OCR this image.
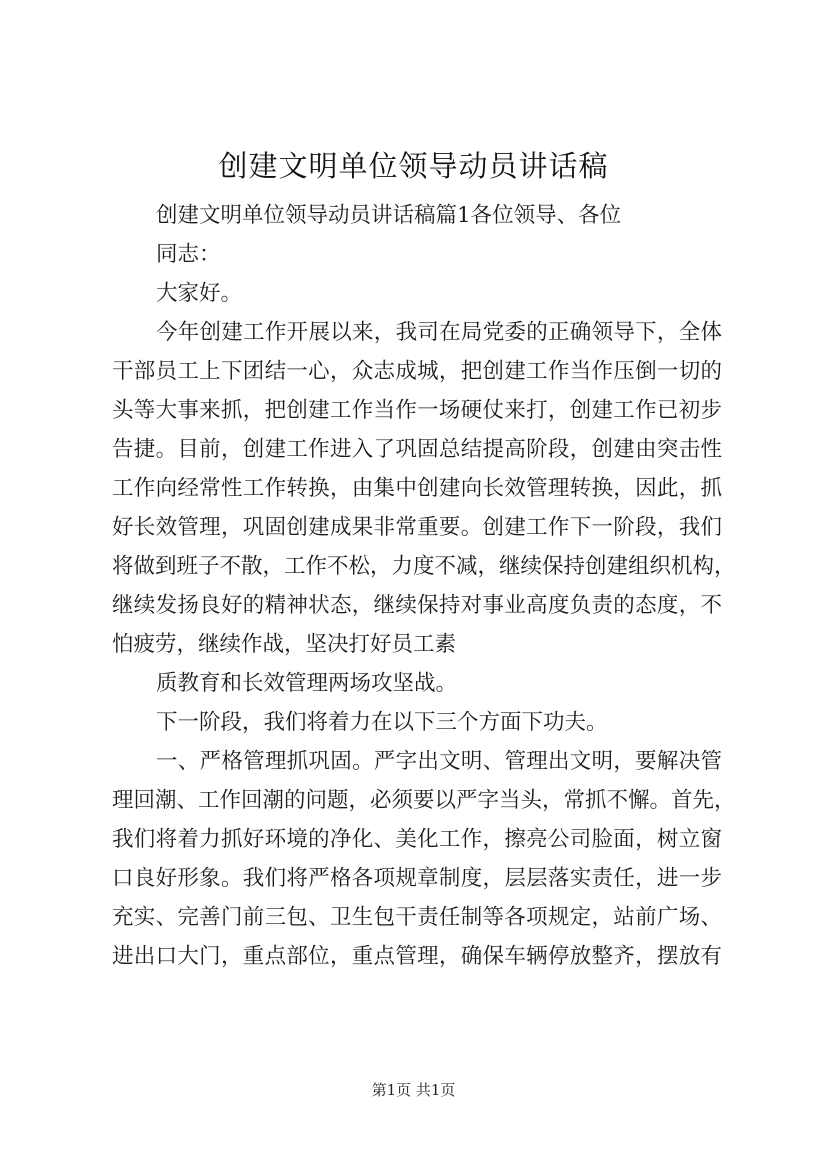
创建文明单位领导动员讲话稿
创建文明单位领导动员讲话稿篇1各位领导、各位
同志：
大家好。
今年创建工作开展以来，我司在局党委的正确领导下，全体
干部员工上下团结一心，众志成城，把创建工作当作压倒一切的
头等大事来抓，把创建工作当作一场硬仗来打，创建工作已初步
告捷。目前，创建工作进入了巩固总结提高阶段，创建由突击性
工作向经常性工作转换，由集中创建向长效管理转换，因此，抓
好长效管理，巩固创建成果非常重要。创建工作下一阶段，我们
将做到班子不散，工作不松，力度不减，继续保持创建组织机构，
继续发扬良好的精神状态，继续保持对事业高度负责的态度，不
怕疲劳，继续作战，坚决打好员工素
质教育和长效管理两场攻坚战。
下一阶段，我们将着力在以下三个方面下功夫。
一、严格管理抓巩固。严字出文明、管理出文明，要解决管
理回潮、工作回潮的问题，必须要以严字当头，常抓不懈。首先，
我们将着力抓好环境的净化、美化工作，擦亮公司脸面，树立窗
口良好形象。我们将严格各项规章制度，层层落实责任，进一步
充实、完善门前三包、卫生包干责任制等各项规定，站前广场、
进出口大门，重点部位，重点管理，确保车辆停放整齐，摆放有
第1页 共1页
